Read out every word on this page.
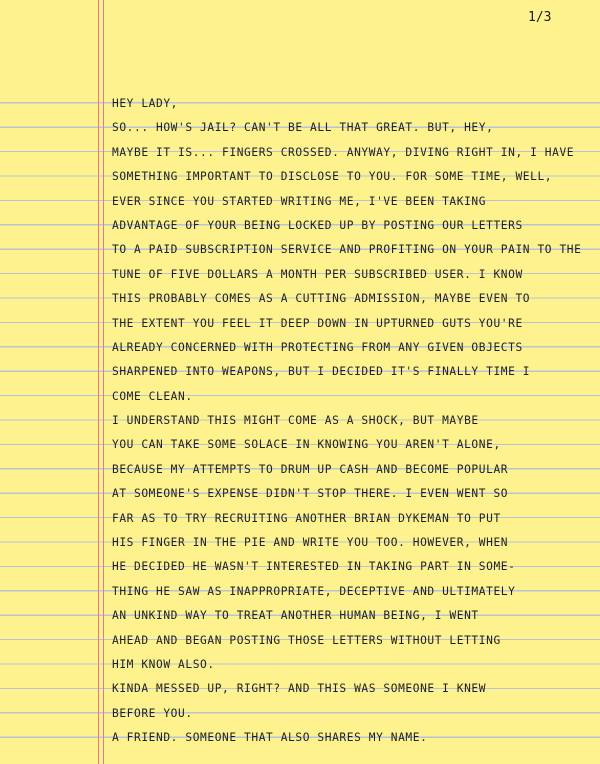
1/3
HEY LADY,
SO... HOW'S JAIL? CAN'T BE ALL THAT GREAT. BUT, HEY,
MAYBE IT IS... FINGERS CROSSED. ANYWAY, DIVING RIGHT IN, I HAVE
SOMETHING IMPORTANT TO DISCLOSE TO YOU. FOR SOME TIME, WELL,
EVER SINCE YOU STARTED WRITING ME, I'VE BEEN TAKING
ADVANTAGE OF YOUR BEING LOCKED UP BY POSTING OUR LETTERS
TO A PAID SUBSCRIPTION SERVICE AND PROFITING ON YOUR PAIN TO THE
TUNE OF FIVE DOLLARS A MONTH PER SUBSCRIBED USER. I KNOW
THIS PROBABLY COMES AS A CUTTING ADMISSION, MAYBE EVEN TO
THE EXTENT YOU FEEL IT DEEP DOWN IN UPTURNED GUTS YOU'RE
ALREADY CONCERNED WITH PROTECTING FROM ANY GIVEN OBJECTS
SHARPENED INTO WEAPONS, BUT I DECIDED IT'S FINALLY TIME I
COME CLEAN.
I UNDERSTAND THIS MIGHT COME AS A SHOCK, BUT MAYBE
YOU CAN TAKE SOME SOLACE IN KNOWING YOU AREN'T ALONE,
BECAUSE MY ATTEMPTS TO DRUM UP CASH AND BECOME POPULAR
AT SOMEONE'S EXPENSE DIDN'T STOP THERE. I EVEN WENT SO
FAR AS TO TRY RECRUITING ANOTHER BRIAN DYKEMAN TO PUT
HIS FINGER IN THE PIE AND WRITE YOU TOO. HOWEVER, WHEN
HE DECIDED HE WASN'T INTERESTED IN TAKING PART IN SOME-
THING HE SAW AS INAPPROPRIATE, DECEPTIVE AND ULTIMATELY
AN UNKIND WAY TO TREAT ANOTHER HUMAN BEING, I WENT
AHEAD AND BEGAN POSTING THOSE LETTERS WITHOUT LETTING
HIM KNOW ALSO.
KINDA MESSED UP, RIGHT? AND THIS WAS SOMEONE I KNEW
BEFORE YOU.
A FRIEND. SOMEONE THAT ALSO SHARES MY NAME.
